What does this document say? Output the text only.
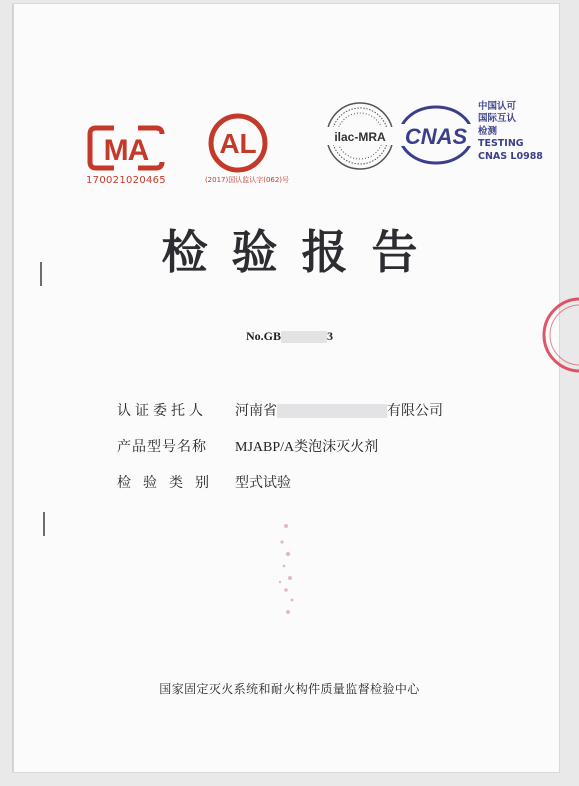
MA
170021020465
AL
(2017)国认监认字(062)号
ilac-MRA CNAS
中国认可
国际互认
检测
TESTING
CNAS L0988
检验报告
No.GB	3
认证委托人 河南省	有限公司
产品型号名称 MJABP/A类泡沫灭火剂
检验类别 型式试验
国家固定灭火系统和耐火构件质量监督检验中心
